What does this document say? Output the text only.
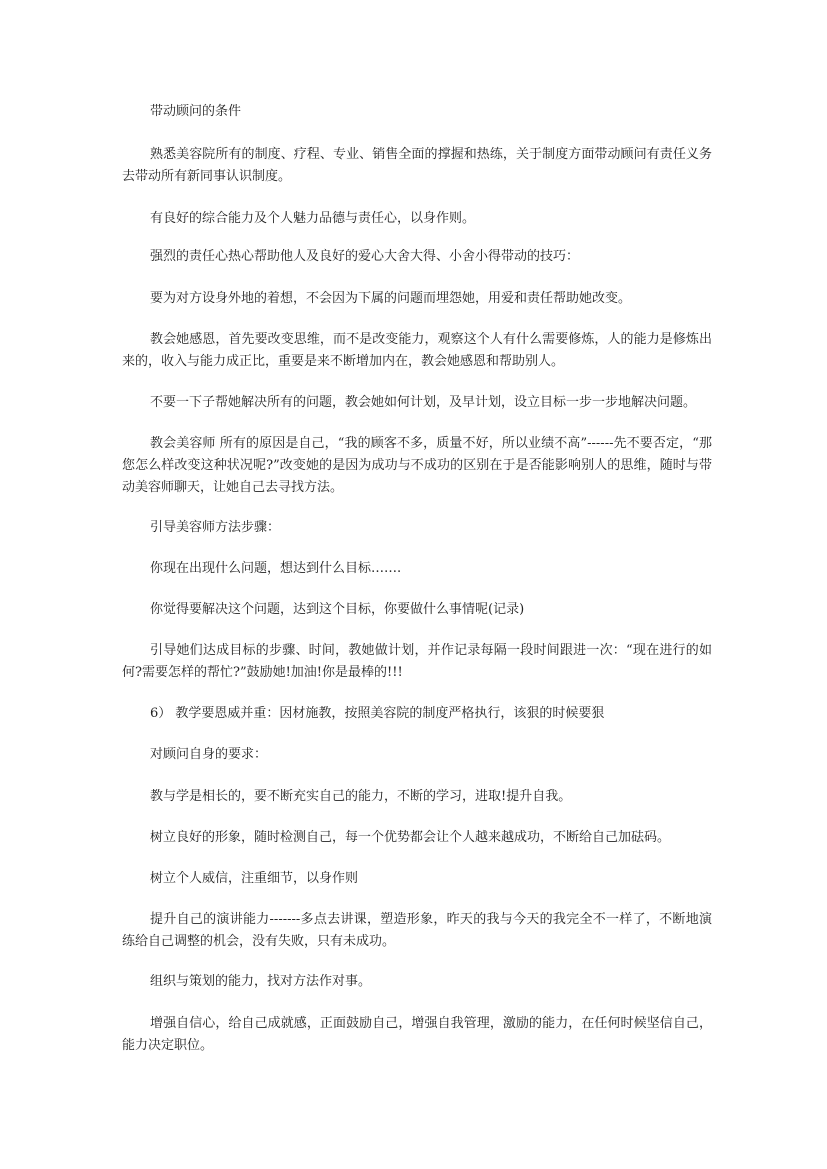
带动顾问的条件

熟悉美容院所有的制度、疗程、专业、销售全面的撑握和热练，关于制度方面带动顾问有责任义务去带动所有新同事认识制度。

有良好的综合能力及个人魅力品德与责任心，以身作则。

强烈的责任心热心帮助他人及良好的爱心大舍大得、小舍小得带动的技巧：

要为对方设身外地的着想，不会因为下属的问题而埋怨她，用爱和责任帮助她改变。

教会她感恩，首先要改变思维，而不是改变能力，观察这个人有什么需要修炼，人的能力是修炼出来的，收入与能力成正比，重要是来不断增加内在，教会她感恩和帮助别人。

不要一下子帮她解决所有的问题，教会她如何计划，及早计划，设立目标一步一步地解决问题。

教会美容师 所有的原因是自己，“我的顾客不多，质量不好，所以业绩不高”------先不要否定，“那您怎么样改变这种状况呢?”改变她的是因为成功与不成功的区别在于是否能影响别人的思维，随时与带动美容师聊天，让她自己去寻找方法。

引导美容师方法步骤：

你现在出现什么问题，想达到什么目标…….

你觉得要解决这个问题，达到这个目标，你要做什么事情呢(记录)

引导她们达成目标的步骤、时间，教她做计划，并作记录每隔一段时间跟进一次：“现在进行的如何?需要怎样的帮忙?”鼓励她!加油!你是最棒的!!!

6） 教学要恩威并重：因材施教，按照美容院的制度严格执行，该狠的时候要狠

对顾问自身的要求：

教与学是相长的，要不断充实自己的能力，不断的学习，进取!提升自我。

树立良好的形象，随时检测自己，每一个优势都会让个人越来越成功，不断给自己加砝码。

树立个人威信，注重细节，以身作则

提升自己的演讲能力-------多点去讲课，塑造形象，昨天的我与今天的我完全不一样了，不断地演练给自己调整的机会，没有失败，只有未成功。

组织与策划的能力，找对方法作对事。

增强自信心，给自己成就感，正面鼓励自己，增强自我管理，激励的能力，在任何时候坚信自己，能力决定职位。
